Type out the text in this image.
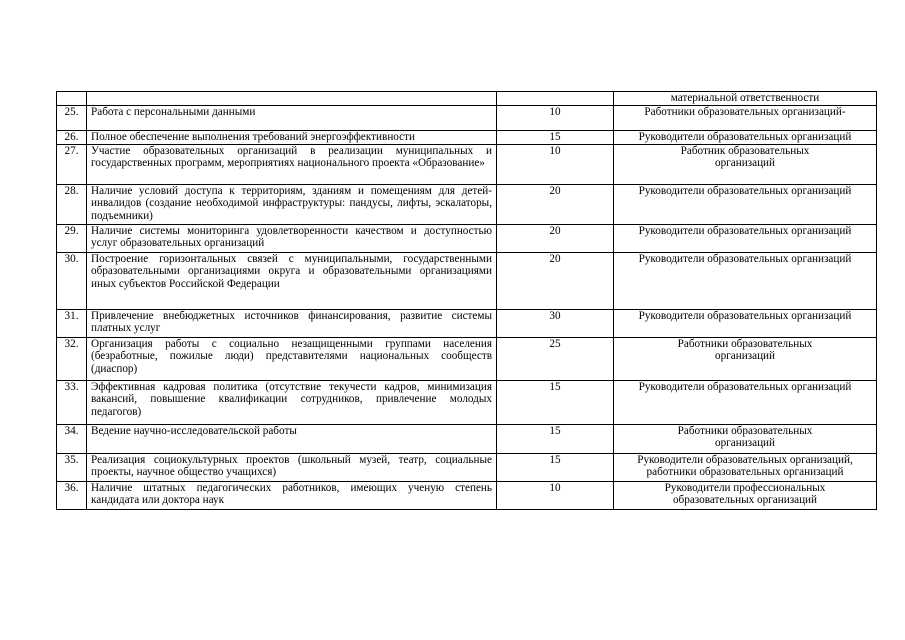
			материальной ответственности
25.	Работа с персональными данными	10	Работники образовательных организаций-
26.	Полное обеспечение выполнения требований энергоэффективности	15	Руководители образовательных организаций
27.	Участие образовательных организаций в реализации муниципальных и государственных программ, мероприятиях национального проекта «Образование»	10	Работник образовательных организаций
28.	Наличие условий доступа к территориям, зданиям и помещениям для детей-инвалидов (создание необходимой инфраструктуры: пандусы, лифты, эскалаторы, подъемники)	20	Руководители образовательных организаций
29.	Наличие системы мониторинга удовлетворенности качеством и доступностью услуг образовательных организаций	20	Руководители образовательных организаций
30.	Построение горизонтальных связей с муниципальными, государственными образовательными организациями округа и образовательными организациями иных субъектов Российской Федерации	20	Руководители образовательных организаций
31.	Привлечение внебюджетных источников финансирования, развитие системы платных услуг	30	Руководители образовательных организаций
32.	Организация работы с социально незащищенными группами населения (безработные, пожилые люди) представителями национальных сообществ (диаспор)	25	Работники образовательных организаций
33.	Эффективная кадровая политика (отсутствие текучести кадров, минимизация вакансий, повышение квалификации сотрудников, привлечение молодых педагогов)	15	Руководители образовательных организаций
34.	Ведение научно-исследовательской работы	15	Работники образовательных организаций
35.	Реализация социокультурных проектов (школьный музей, театр, социальные проекты, научное общество учащихся)	15	Руководители образовательных организаций, работники образовательных организаций
36.	Наличие штатных педагогических работников, имеющих ученую степень кандидата или доктора наук	10	Руководители профессиональных образовательных организаций
